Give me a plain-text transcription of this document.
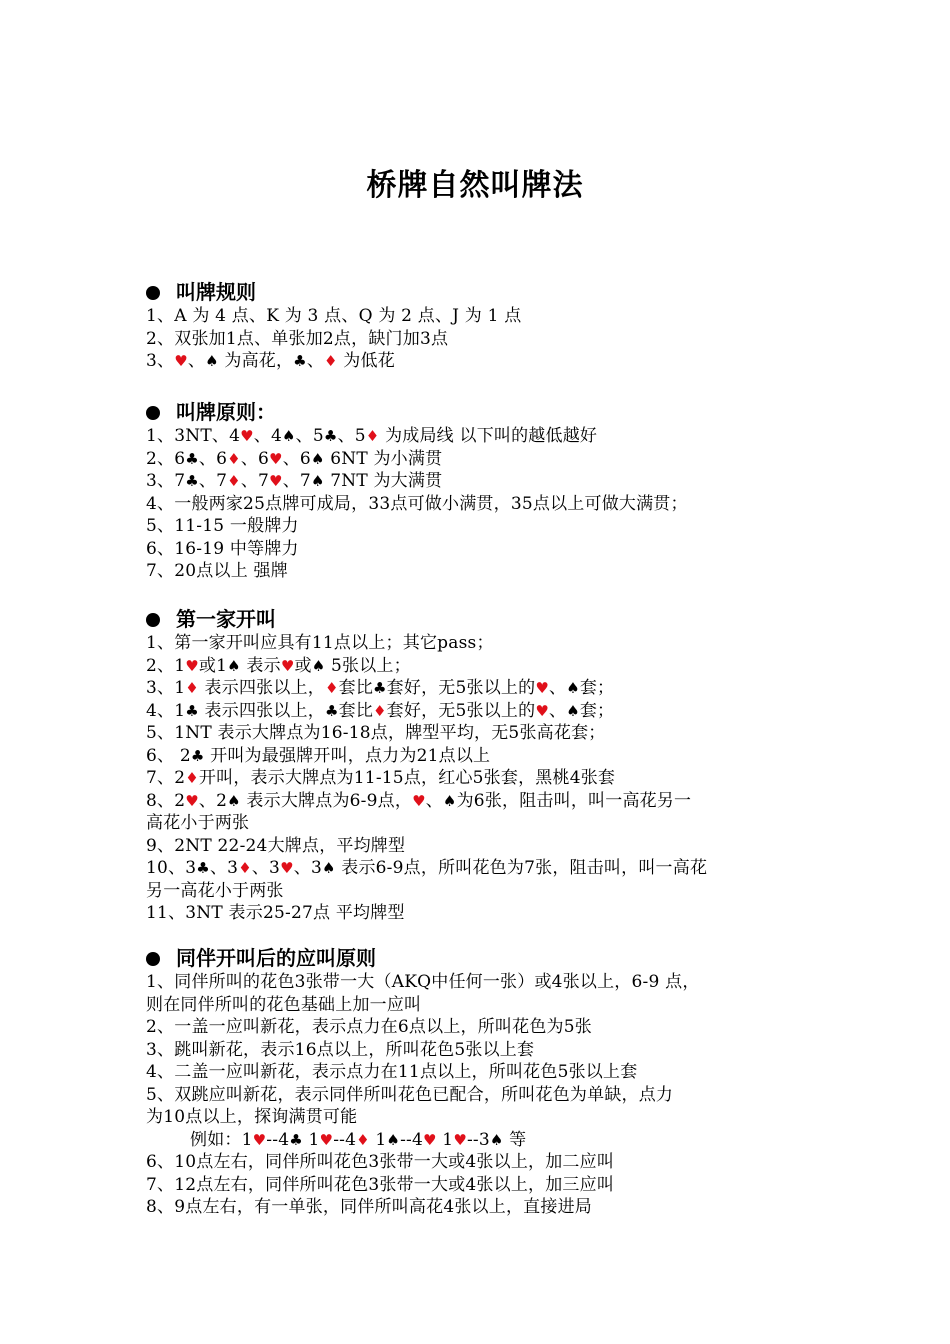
桥牌自然叫牌法
叫牌规则
1、A 为 4 点、K 为 3 点、Q 为 2 点、J 为 1 点
2、双张加1点、单张加2点，缺门加3点
3、♥、♠ 为高花，♣、♦ 为低花
叫牌原则：
1、3NT、4♥、4♠、5♣、5♦ 为成局线 以下叫的越低越好
2、6♣、6♦、6♥、6♠ 6NT 为小满贯
3、7♣、7♦、7♥、7♠ 7NT 为大满贯
4、一般两家25点牌可成局，33点可做小满贯，35点以上可做大满贯；
5、11-15 一般牌力
6、16-19 中等牌力
7、20点以上 强牌
第一家开叫
1、第一家开叫应具有11点以上；其它pass；
2、1♥或1♠ 表示♥或♠ 5张以上；
3、1♦ 表示四张以上，♦套比♣套好，无5张以上的♥、♠套；
4、1♣ 表示四张以上，♣套比♦套好，无5张以上的♥、♠套；
5、1NT 表示大牌点为16-18点，牌型平均，无5张高花套；
6、 2♣ 开叫为最强牌开叫，点力为21点以上
7、2♦开叫，表示大牌点为11-15点，红心5张套，黑桃4张套
8、2♥、2♠ 表示大牌点为6-9点，♥、♠为6张，阻击叫，叫一高花另一
高花小于两张
9、2NT 22-24大牌点，平均牌型
10、3♣、3♦、3♥、3♠ 表示6-9点，所叫花色为7张，阻击叫，叫一高花
另一高花小于两张
11、3NT 表示25-27点 平均牌型
同伴开叫后的应叫原则
1、同伴所叫的花色3张带一大（AKQ中任何一张）或4张以上，6-9 点，
则在同伴所叫的花色基础上加一应叫
2、一盖一应叫新花，表示点力在6点以上，所叫花色为5张
3、跳叫新花，表示16点以上，所叫花色5张以上套
4、二盖一应叫新花，表示点力在11点以上，所叫花色5张以上套
5、双跳应叫新花，表示同伴所叫花色已配合，所叫花色为单缺，点力
为10点以上，探询满贯可能
例如：1♥--4♣ 1♥--4♦ 1♠--4♥ 1♥--3♠ 等
6、10点左右，同伴所叫花色3张带一大或4张以上，加二应叫
7、12点左右，同伴所叫花色3张带一大或4张以上，加三应叫
8、9点左右，有一单张，同伴所叫高花4张以上，直接进局
